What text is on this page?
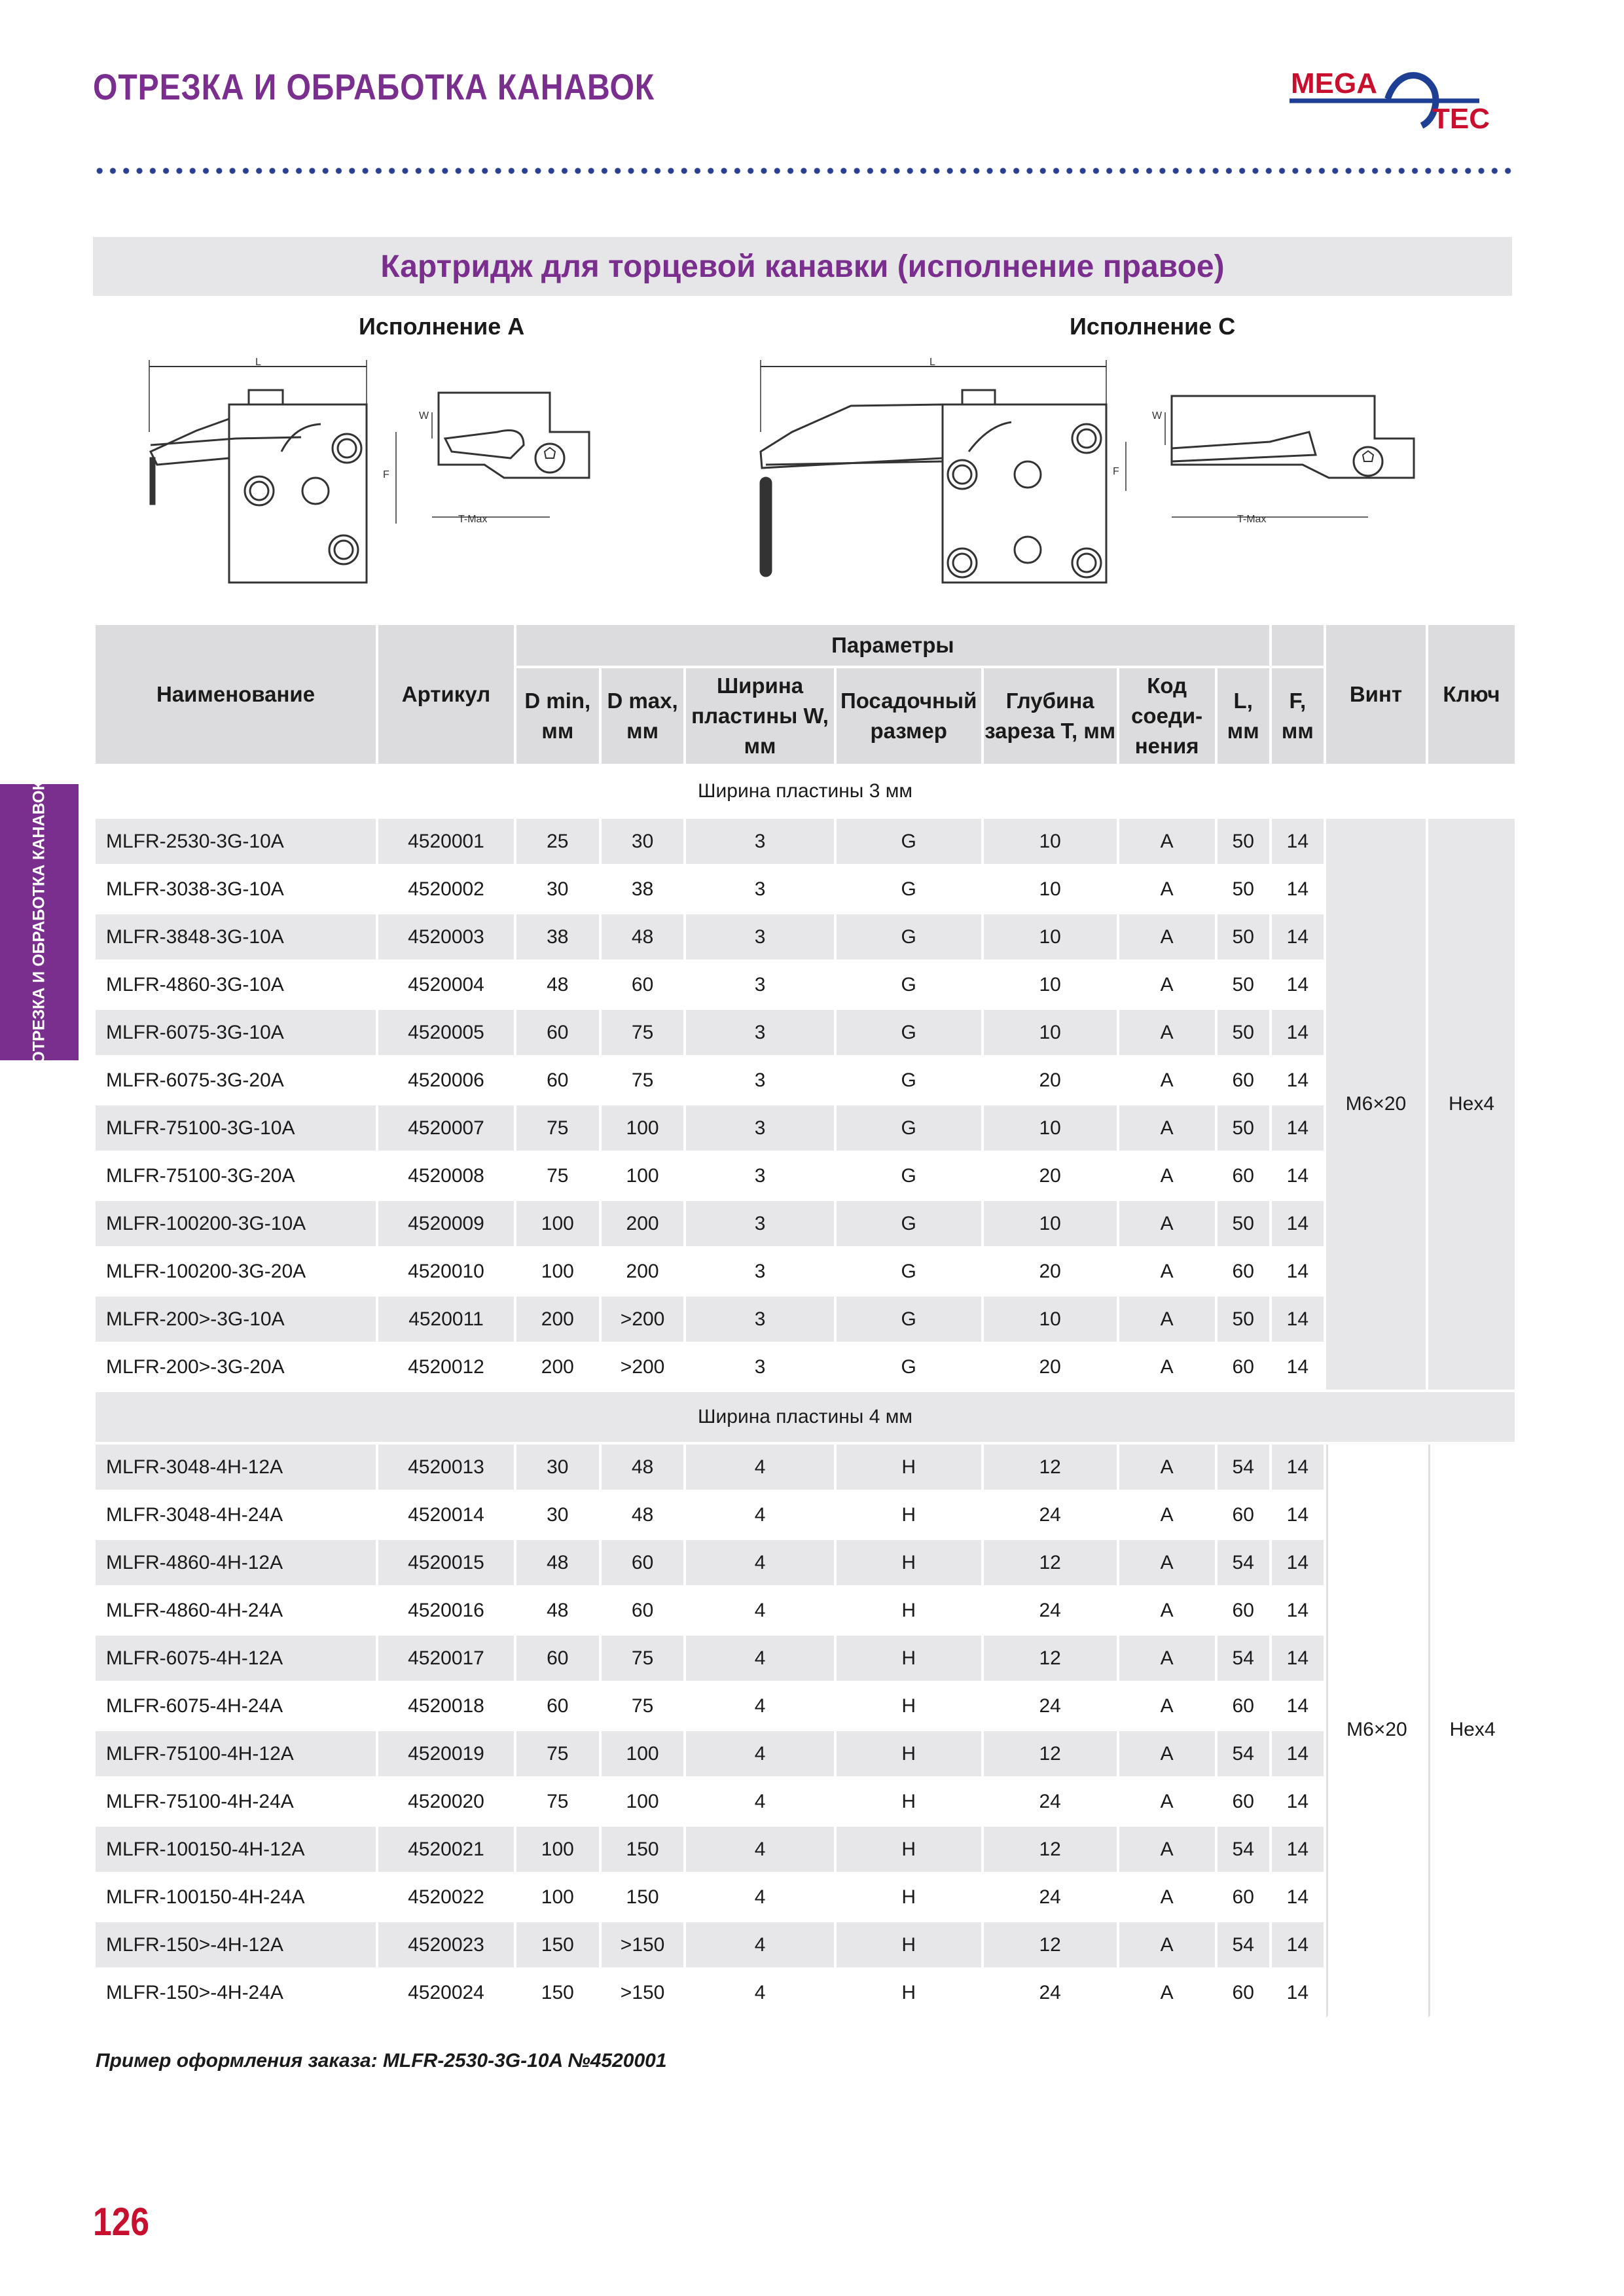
ОТРЕЗКА И ОБРАБОТКА КАНАВОК	MEGA
TEC
ОТРЕЗКА И ОБРАБОТКА КАНАВОК
Картридж для торцевой канавки (исполнение правое)
Исполнение А	Исполнение С
L
W
F
T-Max
L
W
F
T-Max
Наименование	Артикул	Параметры								Винт	Ключ
		D min, мм	D max, мм	Ширина пластины W, мм	Посадочный размер	Глубина зареза T, мм	Код соеди-нения	L, мм	F, мм		
Ширина пластины 3 мм											
MLFR-2530-3G-10A	4520001	25	30	3	G	10	A	50	14	M6×20	Hex4
MLFR-3038-3G-10A	4520002	30	38	3	G	10	A	50	14		
MLFR-3848-3G-10A	4520003	38	48	3	G	10	A	50	14		
MLFR-4860-3G-10A	4520004	48	60	3	G	10	A	50	14		
MLFR-6075-3G-10A	4520005	60	75	3	G	10	A	50	14		
MLFR-6075-3G-20A	4520006	60	75	3	G	20	A	60	14		
MLFR-75100-3G-10A	4520007	75	100	3	G	10	A	50	14		
MLFR-75100-3G-20A	4520008	75	100	3	G	20	A	60	14		
MLFR-100200-3G-10A	4520009	100	200	3	G	10	A	50	14		
MLFR-100200-3G-20A	4520010	100	200	3	G	20	A	60	14		
MLFR-200>-3G-10A	4520011	200	>200	3	G	10	A	50	14		
MLFR-200>-3G-20A	4520012	200	>200	3	G	20	A	60	14		
Ширина пластины 4 мм											
MLFR-3048-4H-12A	4520013	30	48	4	H	12	A	54	14	M6×20	Hex4
MLFR-3048-4H-24A	4520014	30	48	4	H	24	A	60	14		
MLFR-4860-4H-12A	4520015	48	60	4	H	12	A	54	14		
MLFR-4860-4H-24A	4520016	48	60	4	H	24	A	60	14		
MLFR-6075-4H-12A	4520017	60	75	4	H	12	A	54	14		
MLFR-6075-4H-24A	4520018	60	75	4	H	24	A	60	14		
MLFR-75100-4H-12A	4520019	75	100	4	H	12	A	54	14		
MLFR-75100-4H-24A	4520020	75	100	4	H	24	A	60	14		
MLFR-100150-4H-12A	4520021	100	150	4	H	12	A	54	14		
MLFR-100150-4H-24A	4520022	100	150	4	H	24	A	60	14		
MLFR-150>-4H-12A	4520023	150	>150	4	H	12	A	54	14		
MLFR-150>-4H-24A	4520024	150	>150	4	H	24	A	60	14		
Пример оформления заказа: MLFR-2530-3G-10A №4520001
126
